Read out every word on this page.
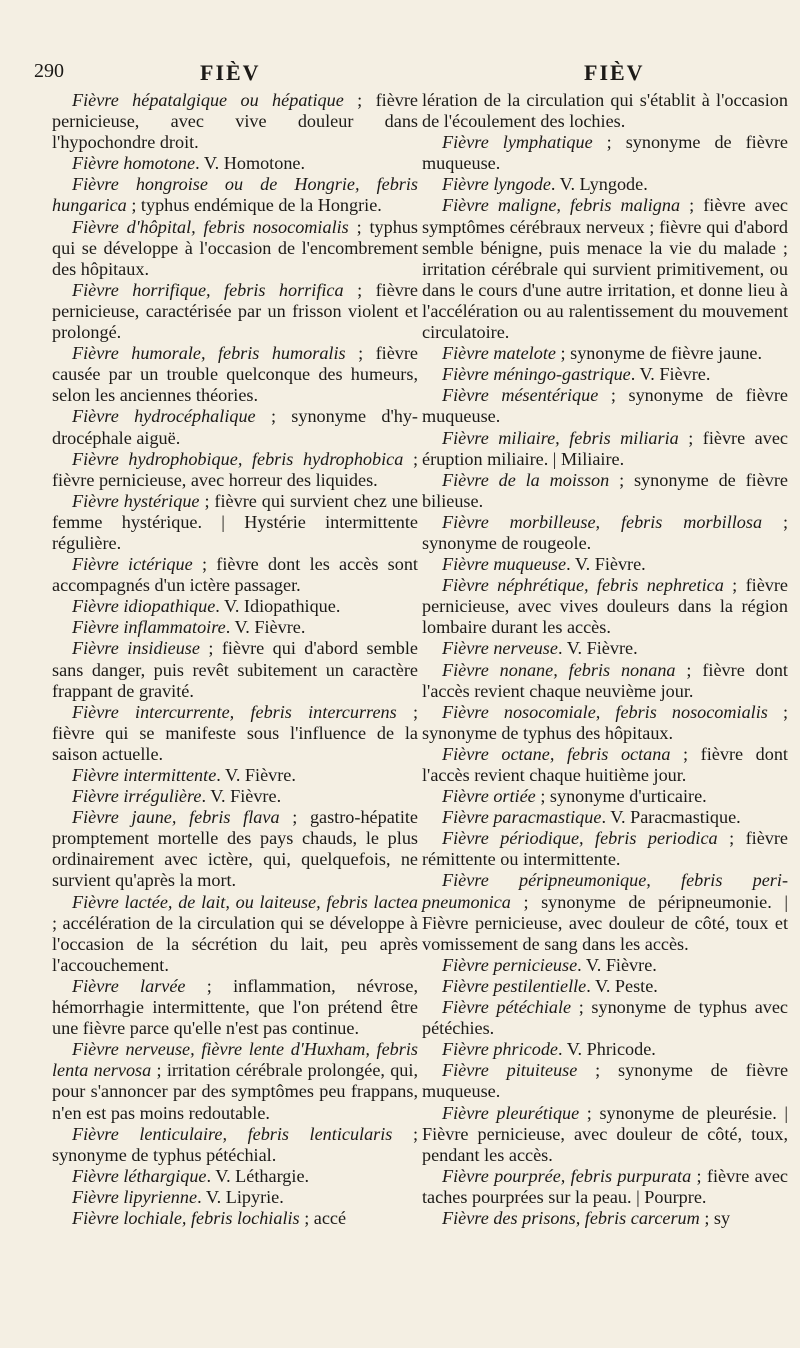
290	FIÈV	FIÈV

Fièvre hépatalgique ou hépatique ; fièvre pernicieuse, avec vive douleur dans l'hypochondre droit.

Fièvre homotone. V. Homotone.

Fièvre hongroise ou de Hongrie, febris hungarica ; typhus endémique de la Hongrie.

Fièvre d'hôpital, febris nosocomialis ; typhus qui se développe à l'occasion de l'encombrement des hôpitaux.

Fièvre horrifique, febris horrifica ; fièvre pernicieuse, caractérisée par un frisson violent et prolongé.

Fièvre humorale, febris humoralis ; fièvre causée par un trouble quelconque des humeurs, selon les anciennes théories.

Fièvre hydrocéphalique ; synonyme d'hydrocéphale aiguë.

Fièvre hydrophobique, febris hydrophobica ; fièvre pernicieuse, avec horreur des liquides.

Fièvre hystérique ; fièvre qui survient chez une femme hystérique. | Hystérie intermittente régulière.

Fièvre ictérique ; fièvre dont les accès sont accompagnés d'un ictère passager.

Fièvre idiopathique. V. Idiopathique.

Fièvre inflammatoire. V. Fièvre.

Fièvre insidieuse ; fièvre qui d'abord semble sans danger, puis revêt subitement un caractère frappant de gravité.

Fièvre intercurrente, febris intercurrens ; fièvre qui se manifeste sous l'influence de la saison actuelle.

Fièvre intermittente. V. Fièvre.

Fièvre irrégulière. V. Fièvre.

Fièvre jaune, febris flava ; gastro-hépatite promptement mortelle des pays chauds, le plus ordinairement avec ictère, qui, quelquefois, ne survient qu'après la mort.

Fièvre lactée, de lait, ou laiteuse, febris lactea ; accélération de la circulation qui se développe à l'occasion de la sécrétion du lait, peu après l'accouchement.

Fièvre larvée ; inflammation, névrose, hémorrhagie intermittente, que l'on prétend être une fièvre parce qu'elle n'est pas continue.

Fièvre nerveuse, fièvre lente d'Huxham, febris lenta nervosa ; irritation cérébrale prolongée, qui, pour s'annoncer par des symptômes peu frappans, n'en est pas moins redoutable.

Fièvre lenticulaire, febris lenticularis ; synonyme de typhus pétéchial.

Fièvre léthargique. V. Léthargie.

Fièvre lipyrienne. V. Lipyrie.

Fièvre lochiale, febris lochialis ; accé

lération de la circulation qui s'établit à l'occasion de l'écoulement des lochies.

Fièvre lymphatique ; synonyme de fièvre muqueuse.

Fièvre lyngode. V. Lyngode.

Fièvre maligne, febris maligna ; fièvre avec symptômes cérébraux nerveux ; fièvre qui d'abord semble bénigne, puis menace la vie du malade ; irritation cérébrale qui survient primitivement, ou dans le cours d'une autre irritation, et donne lieu à l'accélération ou au ralentissement du mouvement circulatoire.

Fièvre matelote ; synonyme de fièvre jaune.

Fièvre méningo-gastrique. V. Fièvre.

Fièvre mésentérique ; synonyme de fièvre muqueuse.

Fièvre miliaire, febris miliaria ; fièvre avec éruption miliaire. | Miliaire.

Fièvre de la moisson ; synonyme de fièvre bilieuse.

Fièvre morbilleuse, febris morbillosa ; synonyme de rougeole.

Fièvre muqueuse. V. Fièvre.

Fièvre néphrétique, febris nephretica ; fièvre pernicieuse, avec vives douleurs dans la région lombaire durant les accès.

Fièvre nerveuse. V. Fièvre.

Fièvre nonane, febris nonana ; fièvre dont l'accès revient chaque neuvième jour.

Fièvre nosocomiale, febris nosocomialis ; synonyme de typhus des hôpitaux.

Fièvre octane, febris octana ; fièvre dont l'accès revient chaque huitième jour.

Fièvre ortiée ; synonyme d'urticaire.

Fièvre paracmastique. V. Paracmastique.

Fièvre périodique, febris periodica ; fièvre rémittente ou intermittente.

Fièvre péripneumonique, febris peripneumonica ; synonyme de péripneumonie. | Fièvre pernicieuse, avec douleur de côté, toux et vomissement de sang dans les accès.

Fièvre pernicieuse. V. Fièvre.

Fièvre pestilentielle. V. Peste.

Fièvre pétéchiale ; synonyme de typhus avec pétéchies.

Fièvre phricode. V. Phricode.

Fièvre pituiteuse ; synonyme de fièvre muqueuse.

Fièvre pleurétique ; synonyme de pleurésie. | Fièvre pernicieuse, avec douleur de côté, toux, pendant les accès.

Fièvre pourprée, febris purpurata ; fièvre avec taches pourprées sur la peau. | Pourpre.

Fièvre des prisons, febris carcerum ; sy
